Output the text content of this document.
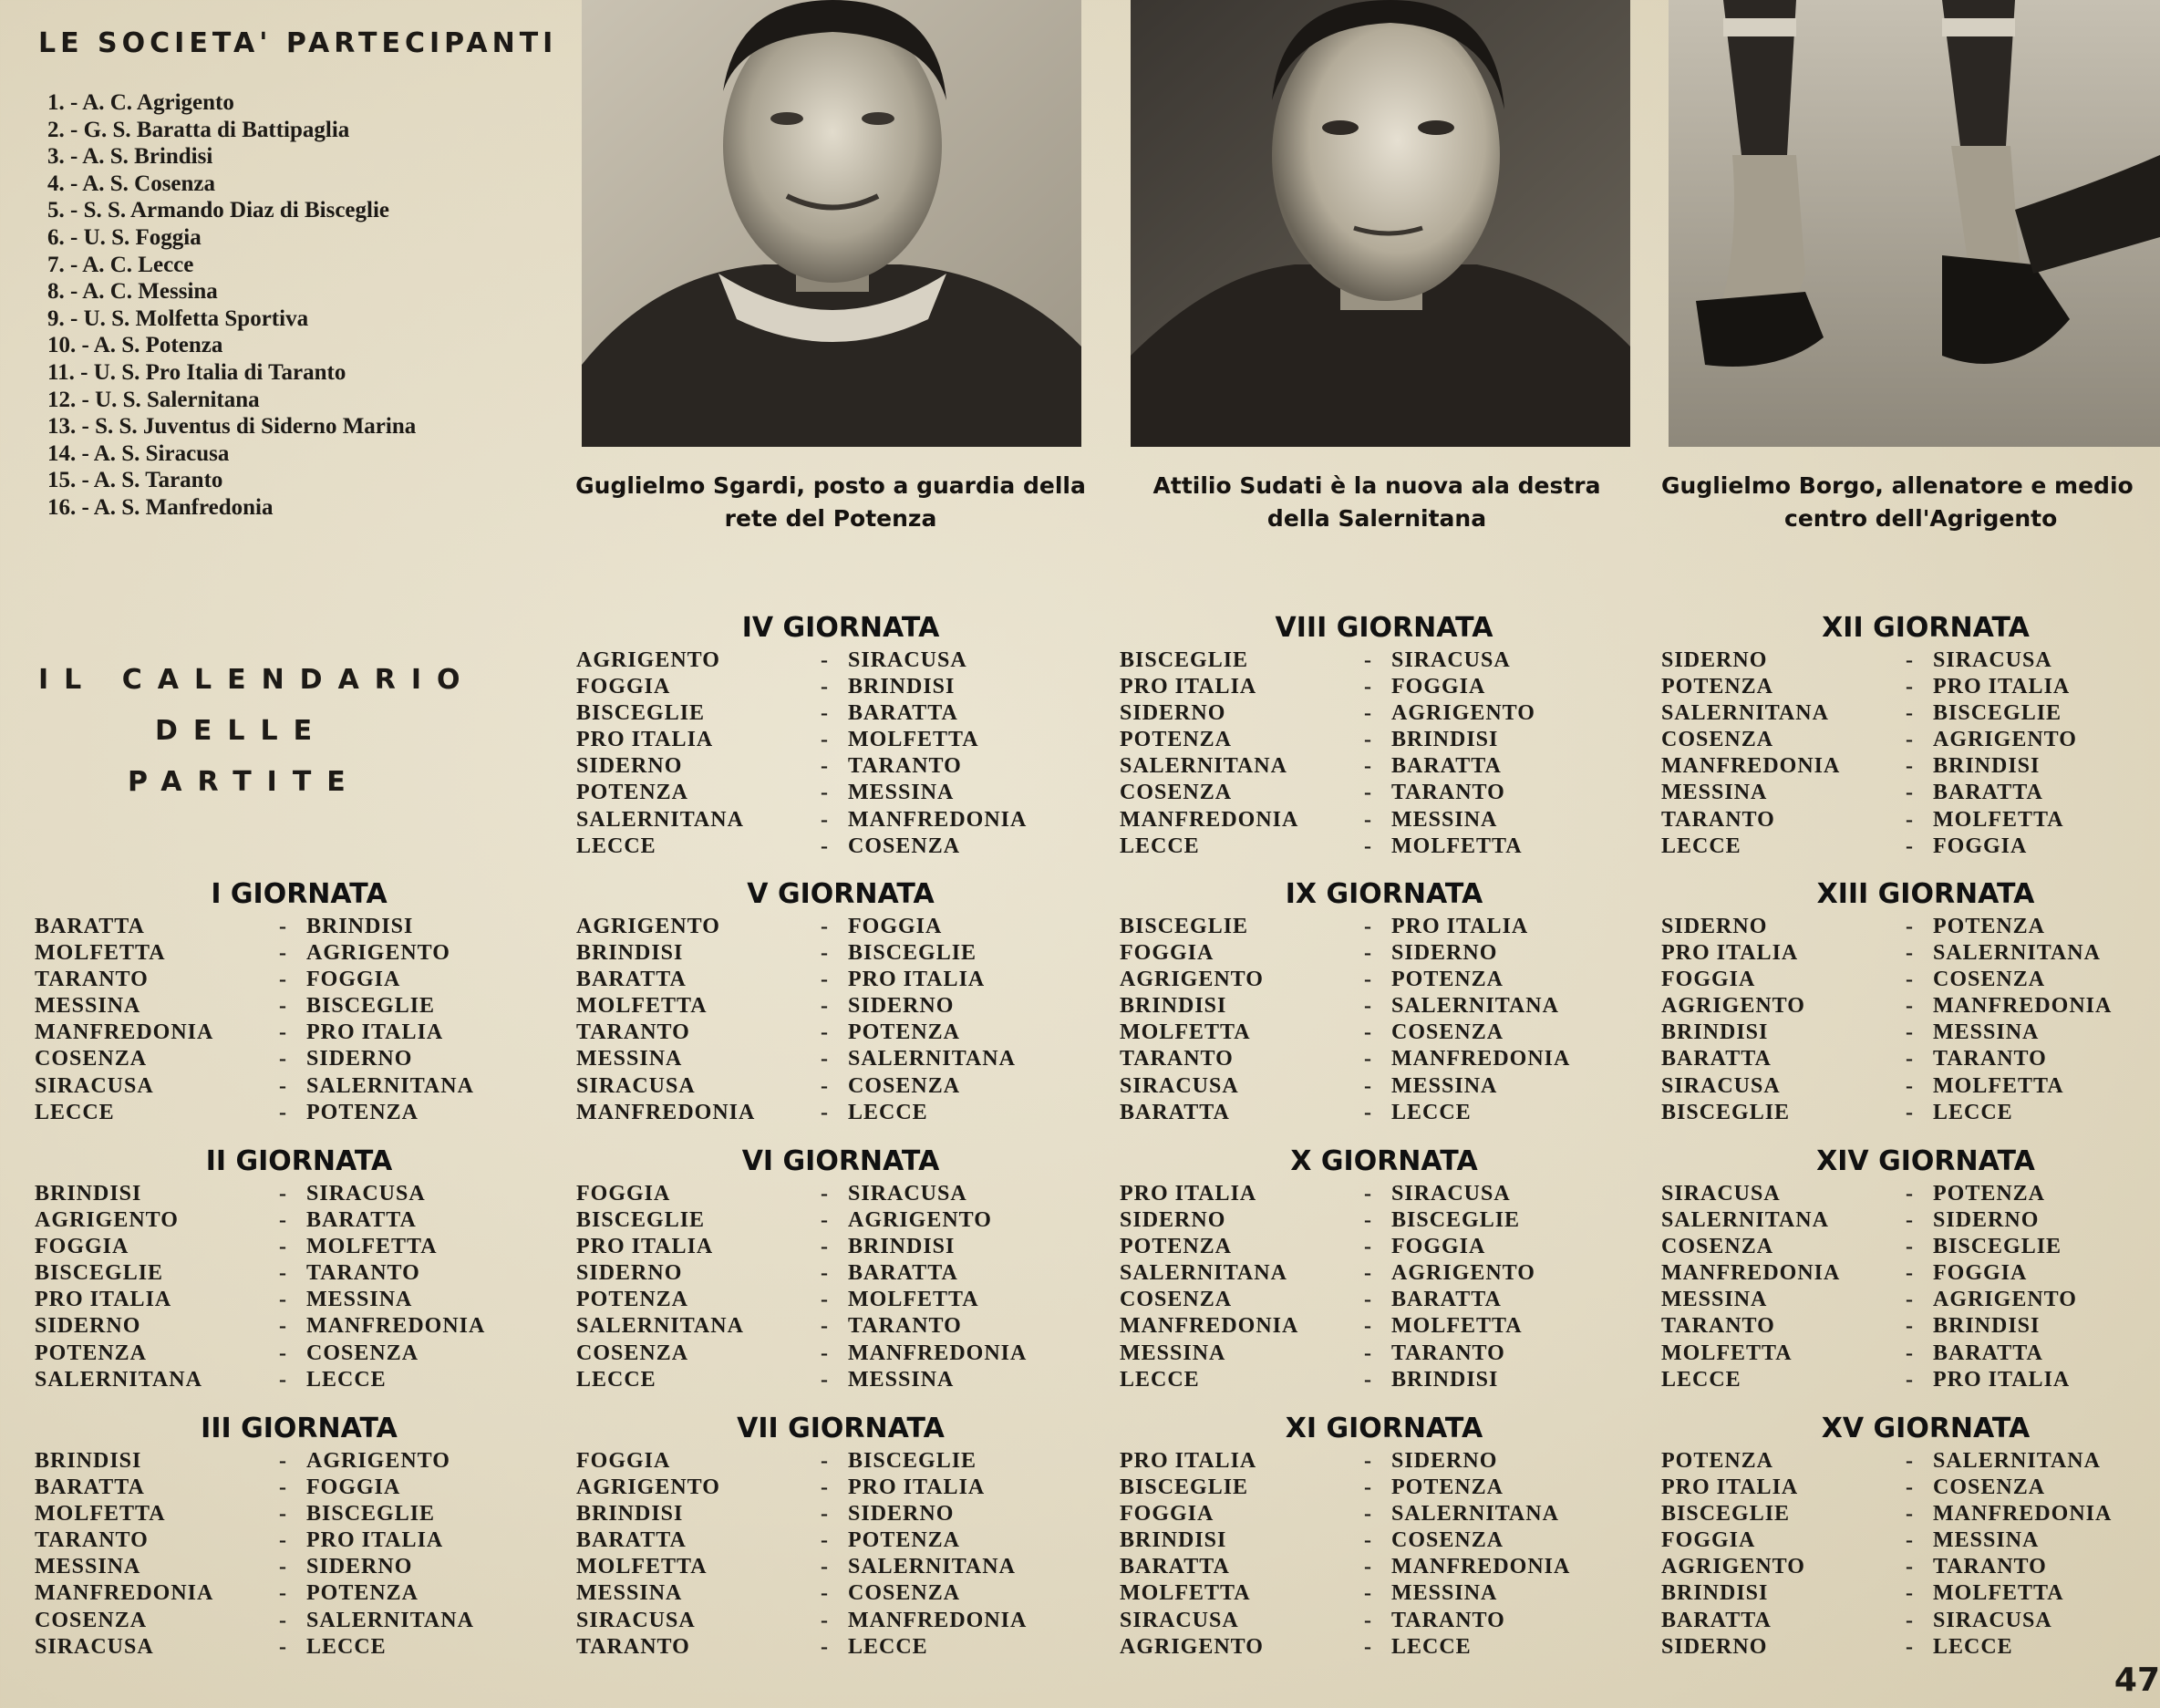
LE SOCIETA' PARTECIPANTI
1. - A. C. Agrigento
2. - G. S. Baratta di Battipaglia
3. - A. S. Brindisi
4. - A. S. Cosenza
5. - S. S. Armando Diaz di Bisceglie
6. - U. S. Foggia
7. - A. C. Lecce
8. - A. C. Messina
9. - U. S. Molfetta Sportiva
10. - A. S. Potenza
11. - U. S. Pro Italia di Taranto
12. - U. S. Salernitana
13. - S. S. Juventus di Siderno Marina
14. - A. S. Siracusa
15. - A. S. Taranto
16. - A. S. Manfredonia
Guglielmo Sgardi, posto a guardia della
rete del Potenza
Attilio Sudati è la nuova ala destra
della Salernitana
Guglielmo Borgo, allenatore e medio
centro dell'Agrigento
IL CALENDARIO
DELLE
PARTITE
I GIORNATA
BARATTA	- BRINDISI
MOLFETTA	- AGRIGENTO
TARANTO	- FOGGIA
MESSINA	- BISCEGLIE
MANFREDONIA	- PRO ITALIA
COSENZA	- SIDERNO
SIRACUSA	- SALERNITANA
LECCE	- POTENZA
II GIORNATA
BRINDISI	- SIRACUSA
AGRIGENTO	- BARATTA
FOGGIA	- MOLFETTA
BISCEGLIE	- TARANTO
PRO ITALIA	- MESSINA
SIDERNO	- MANFREDONIA
POTENZA	- COSENZA
SALERNITANA	- LECCE
III GIORNATA
BRINDISI	- AGRIGENTO
BARATTA	- FOGGIA
MOLFETTA	- BISCEGLIE
TARANTO	- PRO ITALIA
MESSINA	- SIDERNO
MANFREDONIA	- POTENZA
COSENZA	- SALERNITANA
SIRACUSA	- LECCE
IV GIORNATA
AGRIGENTO	- SIRACUSA
FOGGIA	- BRINDISI
BISCEGLIE	- BARATTA
PRO ITALIA	- MOLFETTA
SIDERNO	- TARANTO
POTENZA	- MESSINA
SALERNITANA	- MANFREDONIA
LECCE	- COSENZA
V GIORNATA
AGRIGENTO	- FOGGIA
BRINDISI	- BISCEGLIE
BARATTA	- PRO ITALIA
MOLFETTA	- SIDERNO
TARANTO	- POTENZA
MESSINA	- SALERNITANA
SIRACUSA	- COSENZA
MANFREDONIA	- LECCE
VI GIORNATA
FOGGIA	- SIRACUSA
BISCEGLIE	- AGRIGENTO
PRO ITALIA	- BRINDISI
SIDERNO	- BARATTA
POTENZA	- MOLFETTA
SALERNITANA	- TARANTO
COSENZA	- MANFREDONIA
LECCE	- MESSINA
VII GIORNATA
FOGGIA	- BISCEGLIE
AGRIGENTO	- PRO ITALIA
BRINDISI	- SIDERNO
BARATTA	- POTENZA
MOLFETTA	- SALERNITANA
MESSINA	- COSENZA
SIRACUSA	- MANFREDONIA
TARANTO	- LECCE
VIII GIORNATA
BISCEGLIE	- SIRACUSA
PRO ITALIA	- FOGGIA
SIDERNO	- AGRIGENTO
POTENZA	- BRINDISI
SALERNITANA	- BARATTA
COSENZA	- TARANTO
MANFREDONIA	- MESSINA
LECCE	- MOLFETTA
IX GIORNATA
BISCEGLIE	- PRO ITALIA
FOGGIA	- SIDERNO
AGRIGENTO	- POTENZA
BRINDISI	- SALERNITANA
MOLFETTA	- COSENZA
TARANTO	- MANFREDONIA
SIRACUSA	- MESSINA
BARATTA	- LECCE
X GIORNATA
PRO ITALIA	- SIRACUSA
SIDERNO	- BISCEGLIE
POTENZA	- FOGGIA
SALERNITANA	- AGRIGENTO
COSENZA	- BARATTA
MANFREDONIA	- MOLFETTA
MESSINA	- TARANTO
LECCE	- BRINDISI
XI GIORNATA
PRO ITALIA	- SIDERNO
BISCEGLIE	- POTENZA
FOGGIA	- SALERNITANA
BRINDISI	- COSENZA
BARATTA	- MANFREDONIA
MOLFETTA	- MESSINA
SIRACUSA	- TARANTO
AGRIGENTO	- LECCE
XII GIORNATA
SIDERNO	- SIRACUSA
POTENZA	- PRO ITALIA
SALERNITANA	- BISCEGLIE
COSENZA	- AGRIGENTO
MANFREDONIA	- BRINDISI
MESSINA	- BARATTA
TARANTO	- MOLFETTA
LECCE	- FOGGIA
XIII GIORNATA
SIDERNO	- POTENZA
PRO ITALIA	- SALERNITANA
FOGGIA	- COSENZA
AGRIGENTO	- MANFREDONIA
BRINDISI	- MESSINA
BARATTA	- TARANTO
SIRACUSA	- MOLFETTA
BISCEGLIE	- LECCE
XIV GIORNATA
SIRACUSA	- POTENZA
SALERNITANA	- SIDERNO
COSENZA	- BISCEGLIE
MANFREDONIA	- FOGGIA
MESSINA	- AGRIGENTO
TARANTO	- BRINDISI
MOLFETTA	- BARATTA
LECCE	- PRO ITALIA
XV GIORNATA
POTENZA	- SALERNITANA
PRO ITALIA	- COSENZA
BISCEGLIE	- MANFREDONIA
FOGGIA	- MESSINA
AGRIGENTO	- TARANTO
BRINDISI	- MOLFETTA
BARATTA	- SIRACUSA
SIDERNO	- LECCE
47
